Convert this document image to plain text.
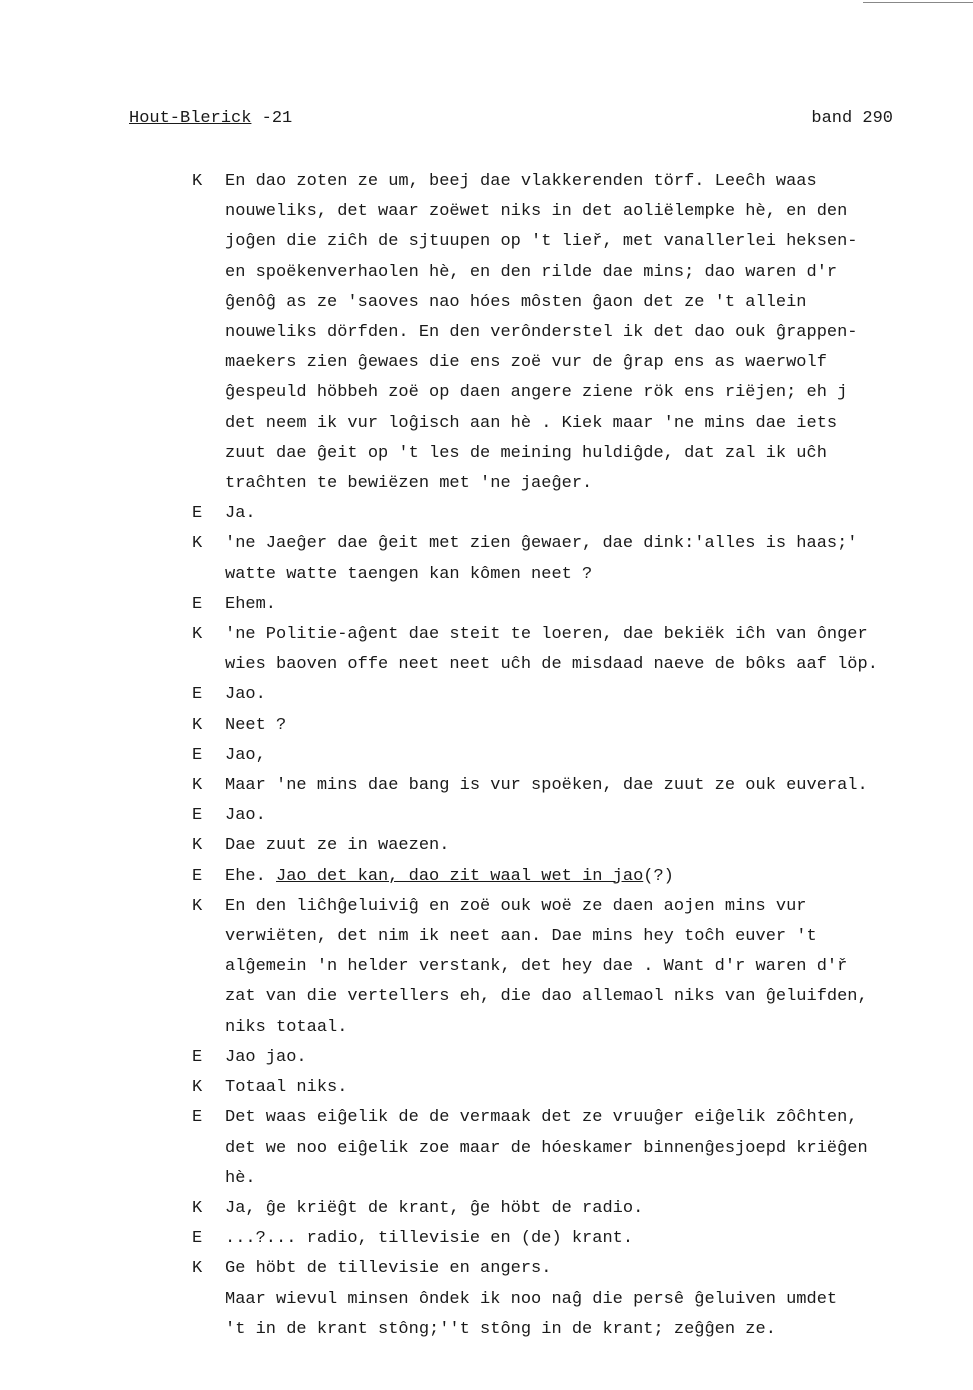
Hout-Blerick -21	band 290
K	En dao zoten ze um, beej dae vlakkerenden törf. Leeĉh waas
nouweliks, det waar zoëwet niks in det aoliëlempke hè, en den
joĝen die ziĉh de sjtuupen op 't lieř, met vanallerlei heksen-
en spoëkenverhaolen hè, en den rilde dae mins; dao waren d'r
ĝenôĝ as ze 'saoves nao hóes môsten ĝaon det ze 't allein
nouweliks dörfden. En den verônderstel ik det dao ouk ĝrappen-
maekers zien ĝewaes die ens zoë vur de ĝrap ens as waerwolf
ĝespeuld höbbeh zoë op daen angere ziene rök ens riëjen; eh j
det neem ik vur loĝisch aan hè . Kiek maar 'ne mins dae iets
zuut dae ĝeit op 't les de meining huldiĝde, dat zal ik uĉh
traĉhten te bewiëzen met 'ne jaeĝer.
E	Ja.
K	'ne Jaeĝer dae ĝeit met zien ĝewaer, dae dink:'alles is haas;'
watte watte taengen kan kômen neet ?
E	Ehem.
K	'ne Politie-aĝent dae steit te loeren, dae bekiëk iĉh van ônger
wies baoven offe neet neet uĉh de misdaad naeve de bôks aaf löp.
E	Jao.
K	Neet ?
E	Jao,
K	Maar 'ne mins dae bang is vur spoëken, dae zuut ze ouk euveral.
E	Jao.
K	Dae zuut ze in waezen.
E	Ehe. Jao det kan, dao zit waal wet in jao(?)
K	En den liĉhĝeluiviĝ en zoë ouk woë ze daen aojen mins vur
verwiëten, det nim ik neet aan. Dae mins hey toĉh euver 't
alĝemein 'n helder verstank, det hey dae . Want d'r waren d'ř
zat van die vertellers eh, die dao allemaol niks van ĝeluifden,
niks totaal.
E	Jao jao.
K	Totaal niks.
E	Det waas eiĝelik de de vermaak det ze vruuĝer eiĝelik zôĉhten,
det we noo eiĝelik zoe maar de hóeskamer binnenĝesjoepd kriëĝen
hè.
K	Ja, ĝe kriëĝt de krant, ĝe höbt de radio.
E	...?... radio, tillevisie en (de) krant.
K	Ge höbt de tillevisie en angers.
Maar wievul minsen ôndek ik noo naĝ die persê ĝeluiven umdet
't in de krant stông;''t stông in de krant; zeĝĝen ze.
